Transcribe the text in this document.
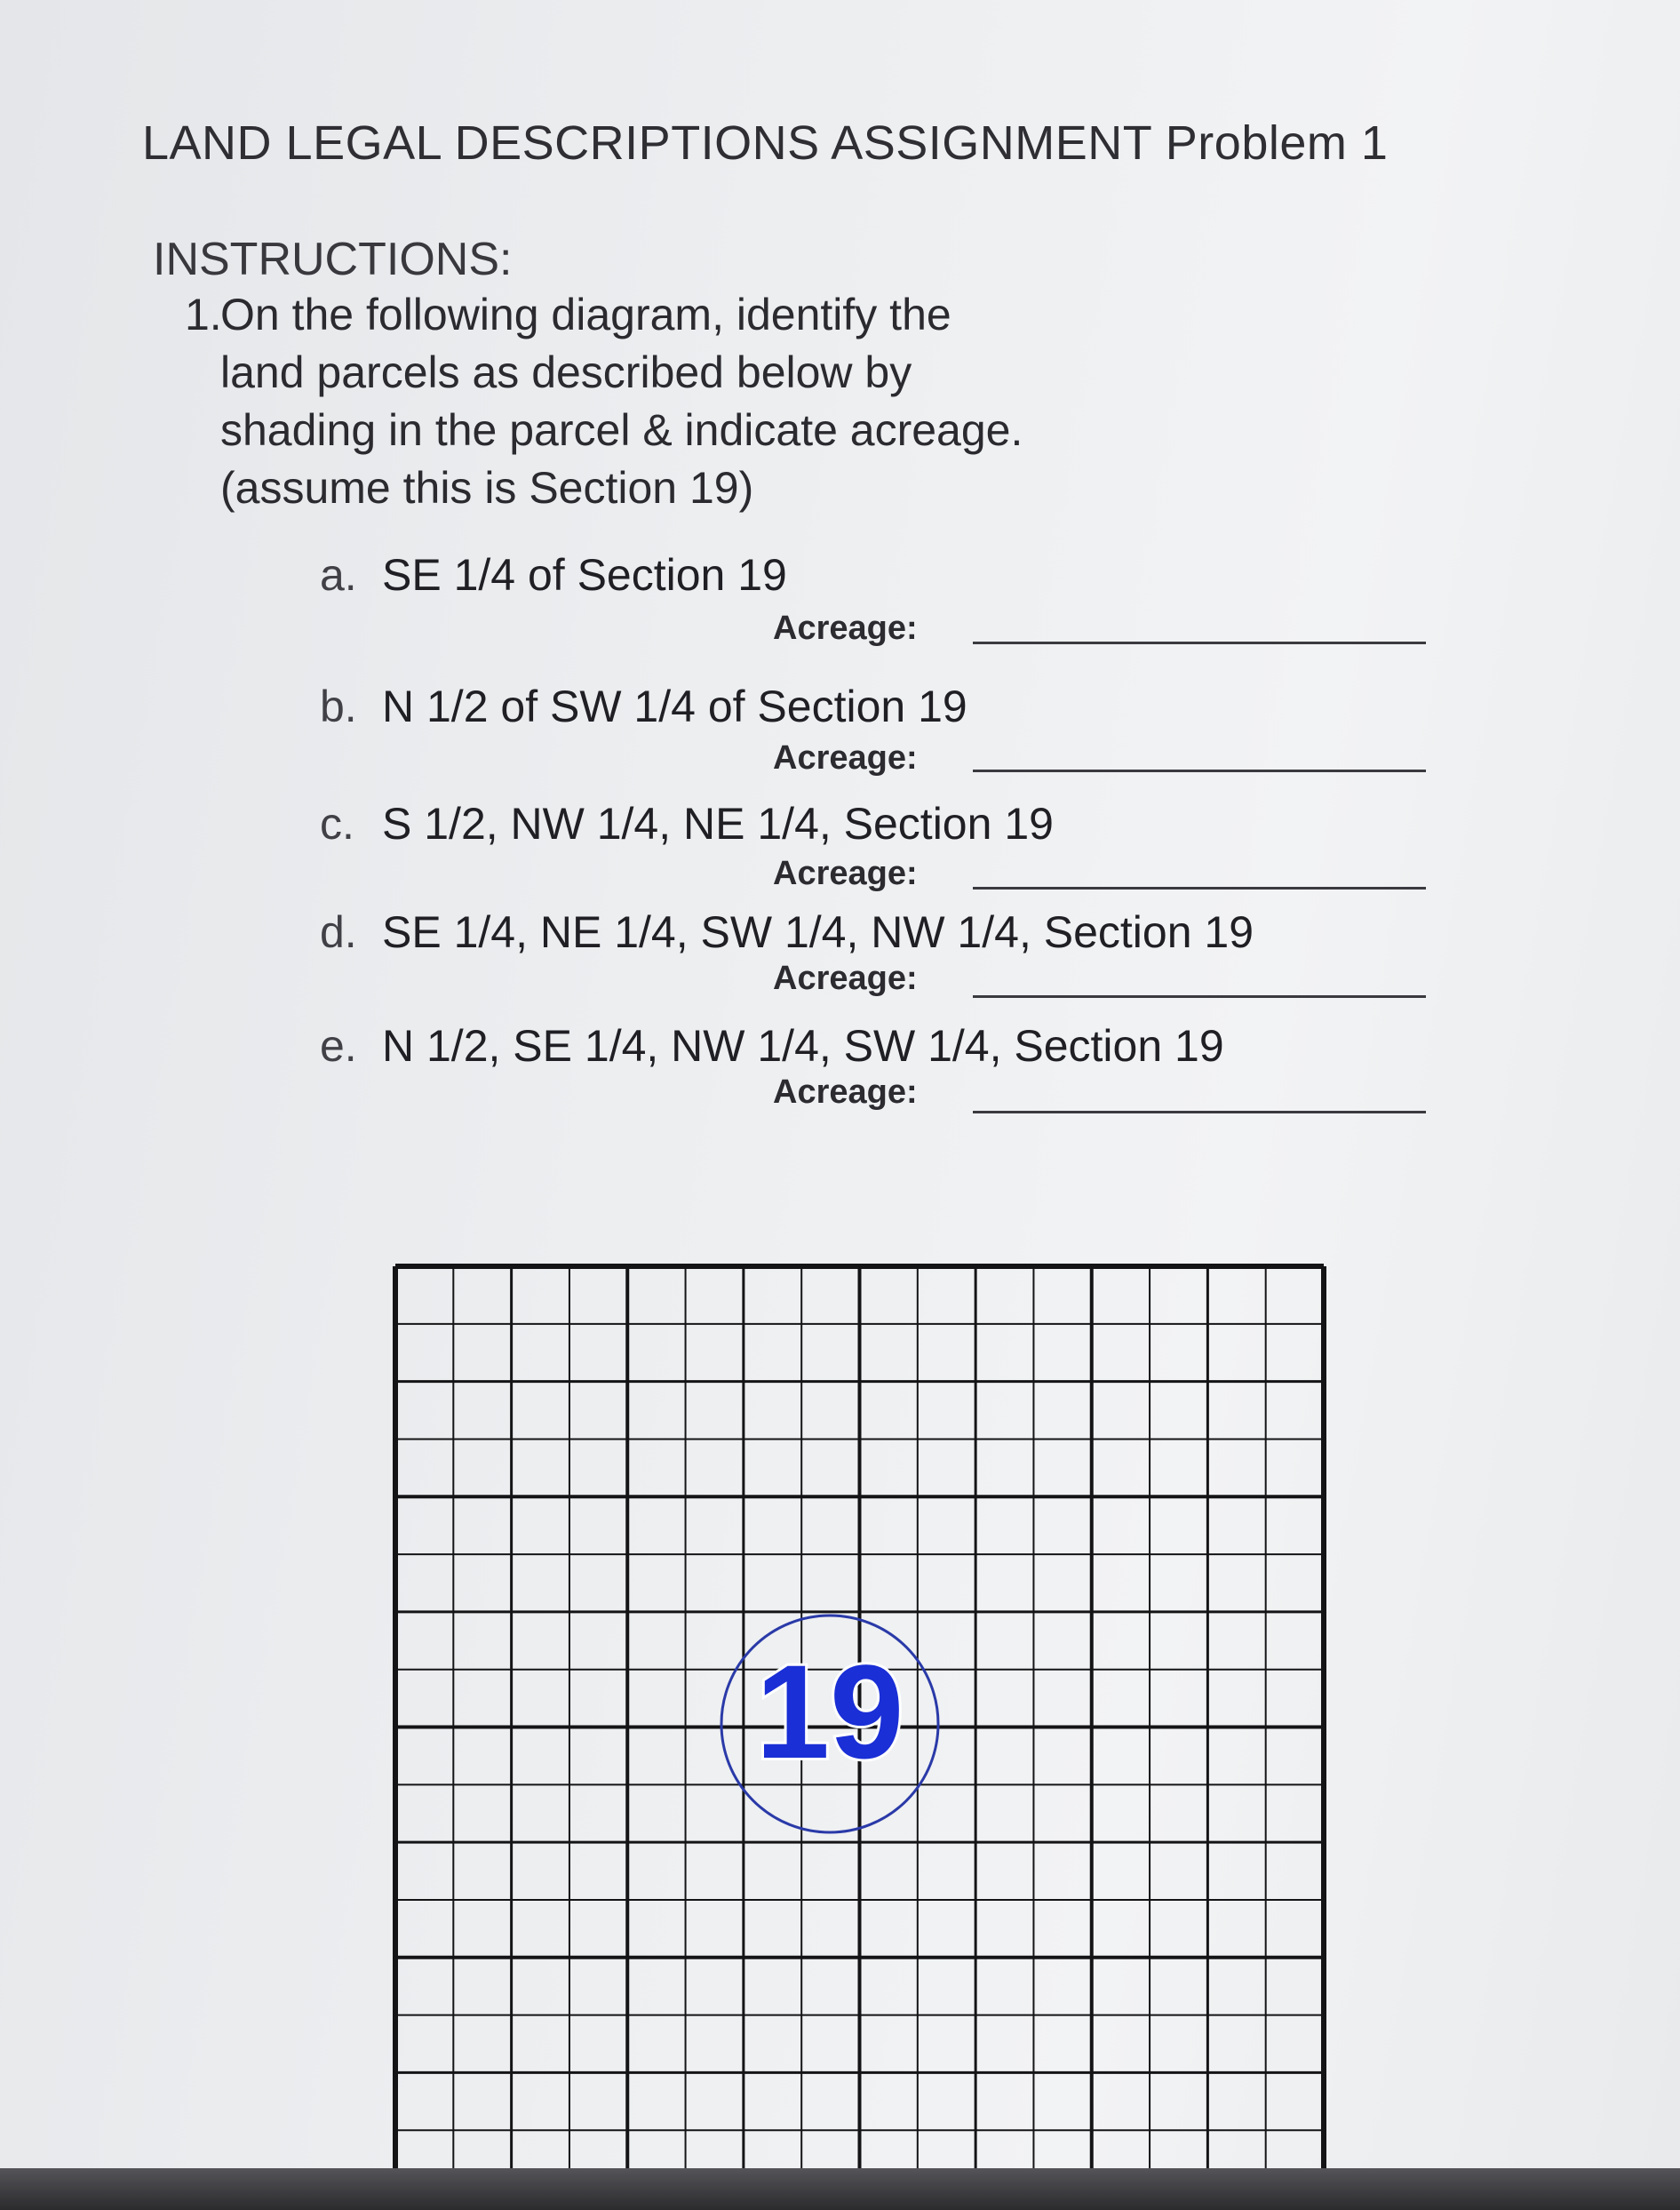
LAND LEGAL DESCRIPTIONS ASSIGNMENT Problem 1
INSTRUCTIONS:
1.On the following diagram, identify the
land parcels as described below by
shading in the parcel & indicate acreage.
(assume this is Section 19)
a. SE 1/4 of Section 19
Acreage:
b. N 1/2 of SW 1/4 of Section 19
Acreage:
c. S 1/2, NW 1/4, NE 1/4, Section 19
Acreage:
d. SE 1/4, NE 1/4, SW 1/4, NW 1/4, Section 19
Acreage:
e. N 1/2, SE 1/4, NW 1/4, SW 1/4, Section 19
Acreage:
19
